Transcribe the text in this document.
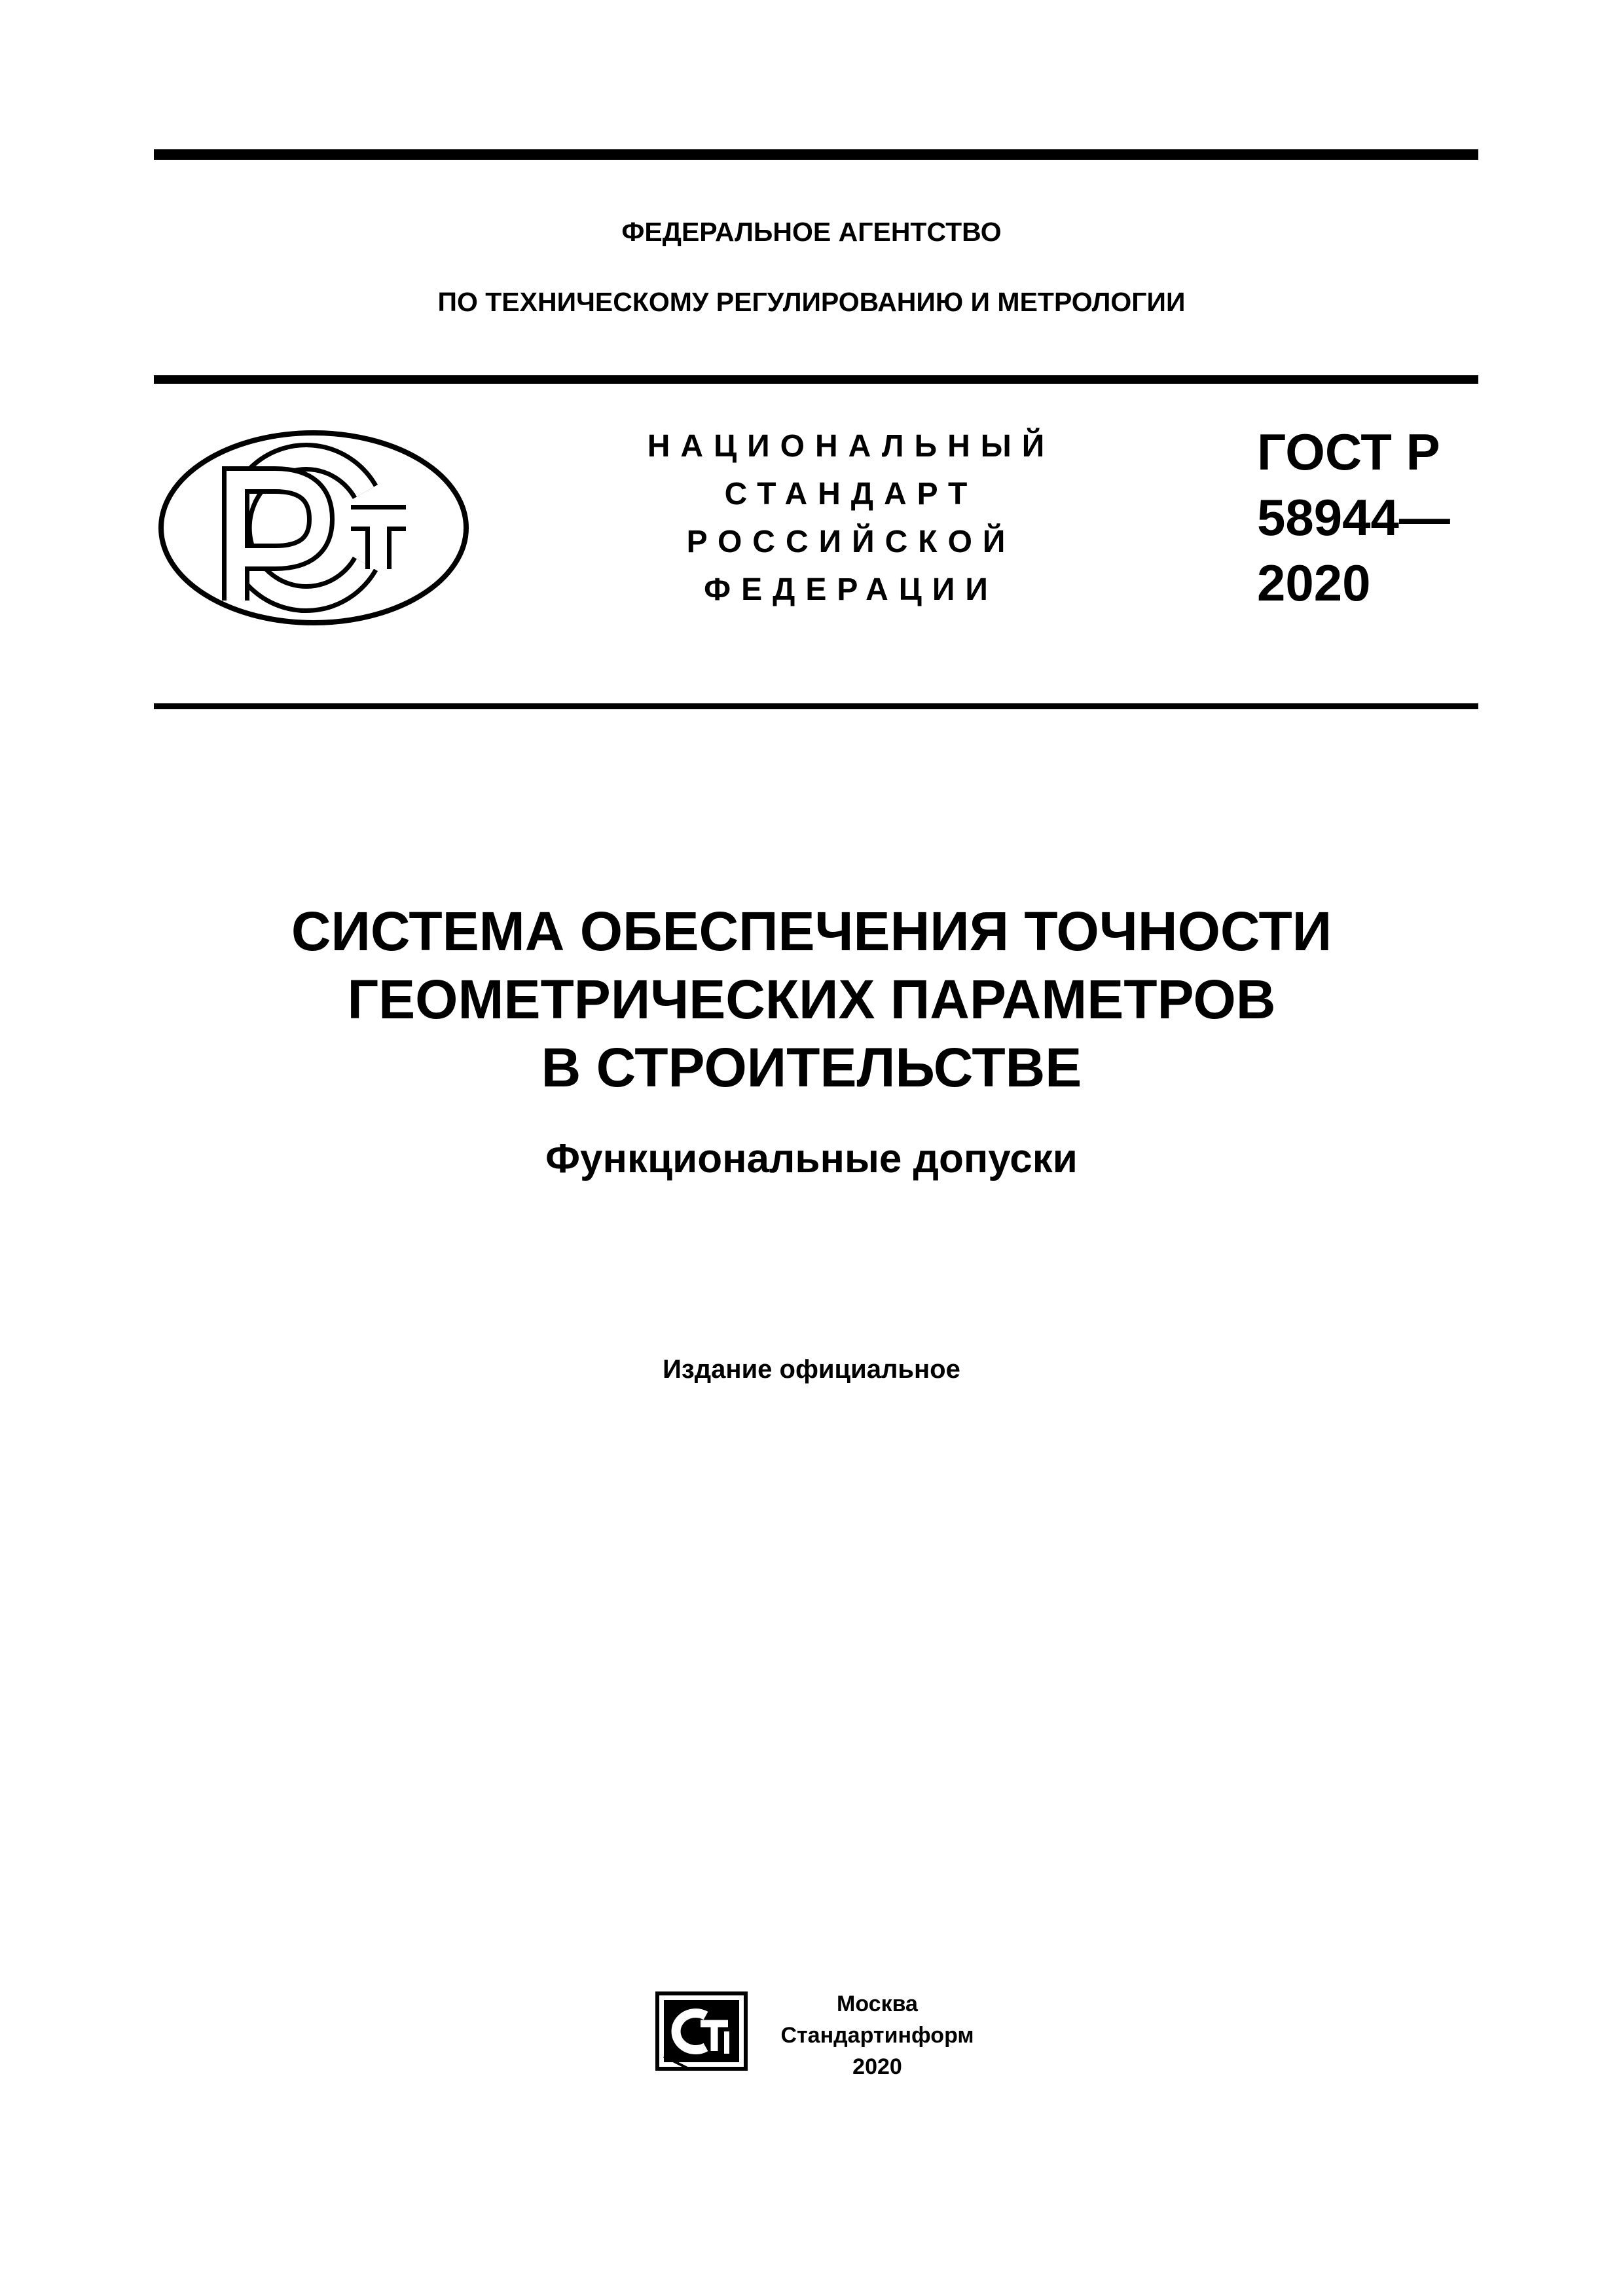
ФЕДЕРАЛЬНОЕ АГЕНТСТВО
ПО ТЕХНИЧЕСКОМУ РЕГУЛИРОВАНИЮ И МЕТРОЛОГИИ
НАЦИОНАЛЬНЫЙ
СТАНДАРТ
РОССИЙСКОЙ
ФЕДЕРАЦИИ
ГОСТ Р
58944—
2020
СИСТЕМА ОБЕСПЕЧЕНИЯ ТОЧНОСТИ
ГЕОМЕТРИЧЕСКИХ ПАРАМЕТРОВ
В СТРОИТЕЛЬСТВЕ
Функциональные допуски
Издание официальное
Москва
Стандартинформ
2020
